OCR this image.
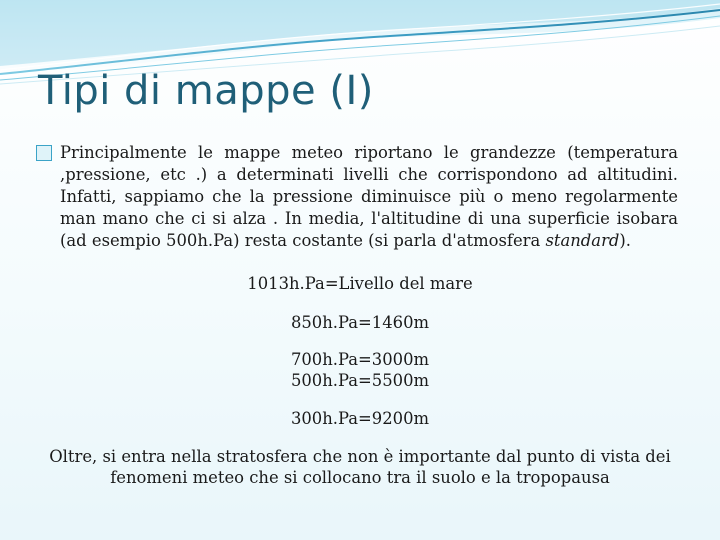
Tipi di mappe (I)

Principalmente le mappe meteo riportano le grandezze (temperatura ,pressione, etc .) a determinati livelli che corrispondono ad altitudini. Infatti, sappiamo che la pressione diminuisce più o meno regolarmente man mano che ci si alza . In media, l'altitudine di una superficie isobara (ad esempio 500h.Pa) resta costante (si parla d'atmosfera standard).

1013h.Pa=Livello del mare
850h.Pa=1460m
700h.Pa=3000m
500h.Pa=5500m
300h.Pa=9200m

Oltre, si entra nella stratosfera che non è importante dal punto di vista dei fenomeni meteo che si collocano tra il suolo e la tropopausa
